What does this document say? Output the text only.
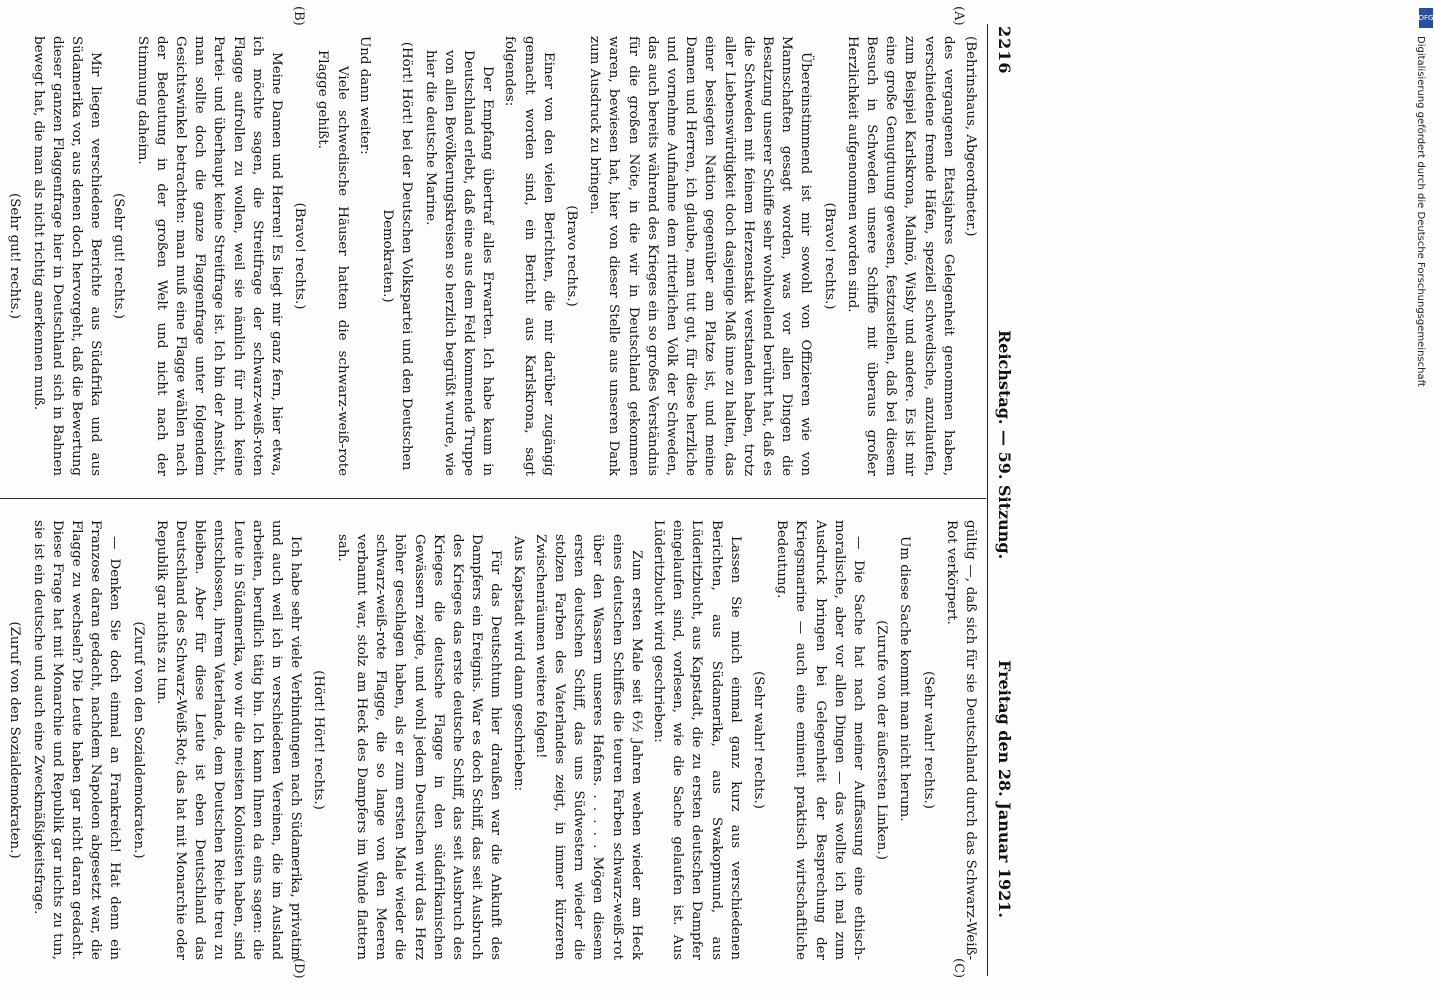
2216
Reichstag. — 59. Sitzung.
Freitag den 28. Januar 1921.
(A)
(B)
(C)
(D)

(Behrinshaus, Abgeordneter.)

des vergangenen Etatsjahres Gelegenheit genommen haben, verschiedene fremde Häfen, speziell schwedische, anzulaufen, zum Beispiel Karlskrona, Malmö, Wisby und andere. Es ist mir eine große Genugtuung gewesen, festzustellen, daß bei diesem Besuch in Schweden unsere Schiffe mit überaus großer Herzlichkeit aufgenommen worden sind.

(Bravo! rechts.)

Übereinstimmend ist mir sowohl von Offizieren wie von Mannschaften gesagt worden, was vor allen Dingen die Besatzung unserer Schiffe sehr wohlwollend berührt hat, daß es die Schweden mit feinem Herzenstakt verstanden haben, trotz aller Liebenswürdigkeit doch dasjenige Maß inne zu halten, das einer besiegten Nation gegenüber am Platze ist, und meine Damen und Herren, ich glaube, man tut gut, für diese herzliche und vornehme Aufnahme dem ritterlichen Volk der Schweden, das auch bereits während des Krieges ein so großes Verständnis für die großen Nöte, in die wir in Deutschland gekommen waren, bewiesen hat, hier von dieser Stelle aus unseren Dank zum Ausdruck zu bringen.

(Bravo rechts.)

Einer von den vielen Berichten, die mir darüber zugängig gemacht worden sind, ein Bericht aus Karlskrona, sagt folgendes:

Der Empfang übertraf alles Erwarten. Ich habe kaum in Deutschland erlebt, daß eine aus dem Feld kommende Truppe von allen Bevölkerungskreisen so herzlich begrüßt wurde, wie hier die deutsche Marine.

(Hört! Hört! bei der Deutschen Volkspartei und den Deutschen Demokraten.)

Und dann weiter:

Viele schwedische Häuser hatten die schwarz-weiß-rote Flagge gehißt.

(Bravo! rechts.)

Meine Damen und Herren! Es liegt mir ganz fern, hier etwa, ich möchte sagen, die Streitfrage der schwarz-weiß-roten Flagge aufrollen zu wollen, weil sie nämlich für mich keine Partei- und überhaupt keine Streitfrage ist. Ich bin der Ansicht, man sollte doch die ganze Flaggenfrage unter folgendem Gesichtswinkel betrachten: man muß eine Flagge wählen nach der Bedeutung in der großen Welt und nicht nach der Stimmung daheim.

(Sehr gut! rechts.)

Mir liegen verschiedene Berichte aus Südafrika und aus Südamerika vor, aus denen doch hervorgeht, daß die Bewertung dieser ganzen Flaggenfrage hier in Deutschland sich in Bahnen bewegt hat, die man als nicht richtig anerkennen muß.

(Sehr gut! rechts.)

gültig —, daß sich für sie Deutschland durch das Schwarz-Weiß-Rot verkörpert.

(Sehr wahr! rechts.)

Um diese Sache kommt man nicht herum.

(Zurufe von der äußersten Linken.)

— Die Sache hat nach meiner Auffassung eine ethisch-moralische, aber vor allen Dingen — das wollte ich mal zum Ausdruck bringen bei Gelegenheit der Besprechung der Kriegsmarine — auch eine eminent praktisch wirtschaftliche Bedeutung.

(Sehr wahr! rechts.)

Lassen Sie mich einmal ganz kurz aus verschiedenen Berichten, aus Südamerika, aus Swakopmund, aus Lüderitzbucht, aus Kapstadt, die zu ersten deutschen Dampfer eingelaufen sind, vorlesen, wie die Sache gelaufen ist. Aus Lüderitzbucht wird geschrieben:

Zum ersten Male seit 6½ Jahren wehen wieder am Heck eines deutschen Schiffes die teuren Farben schwarz-weiß-rot über den Wassern unseres Hafens. . . . . . Mögen diesem ersten deutschen Schiff, das uns Südwestern wieder die stolzen Farben des Vaterlandes zeigt, in immer kürzeren Zwischenräumen weitere folgen!

Aus Kapstadt wird dann geschrieben:

Für das Deutschtum hier draußen war die Ankunft des Dampfers ein Ereignis. War es doch Schiff, das seit Ausbruch des Krieges das erste deutsche Schiff, das seit Ausbruch des Krieges die deutsche Flagge in den südafrikanischen Gewässern zeigte, und wohl jedem Deutschen wird das Herz höher geschlagen haben, als er zum ersten Male wieder die schwarz-weiß-rote Flagge, die so lange von den Meeren verbannt war, stolz am Heck des Dampfers im Winde flattern sah.

(Hört! Hört! rechts.)

Ich habe sehr viele Verbindungen nach Südamerika, privatim und auch weil ich in verschiedenen Vereinen, die im Ausland arbeiten, beruflich tätig bin. Ich kann Ihnen da eins sagen: die Leute in Südamerika, wo wir die meisten Kolonisten haben, sind entschlossen, ihrem Vaterlande, dem Deutschen Reiche treu zu bleiben. Aber für diese Leute ist eben Deutschland das Deutschland des Schwarz-Weiß-Rot; das hat mit Monarchie oder Republik gar nichts zu tun.

(Zuruf von den Sozialdemokraten.)

— Denken Sie doch einmal an Frankreich! Hat denn ein Franzose daran gedacht, nachdem Napoleon abgesetzt war, die Flagge zu wechseln? Die Leute haben gar nicht daran gedacht. Diese Frage hat mit Monarchie und Republik gar nichts zu tun, sie ist ein deutsche und auch eine Zweckmäßigkeitsfrage.

(Zuruf von den Sozialdemokraten.)

DFG
Digitalisierung gefördert durch die Deutsche Forschungsgemeinschaft
